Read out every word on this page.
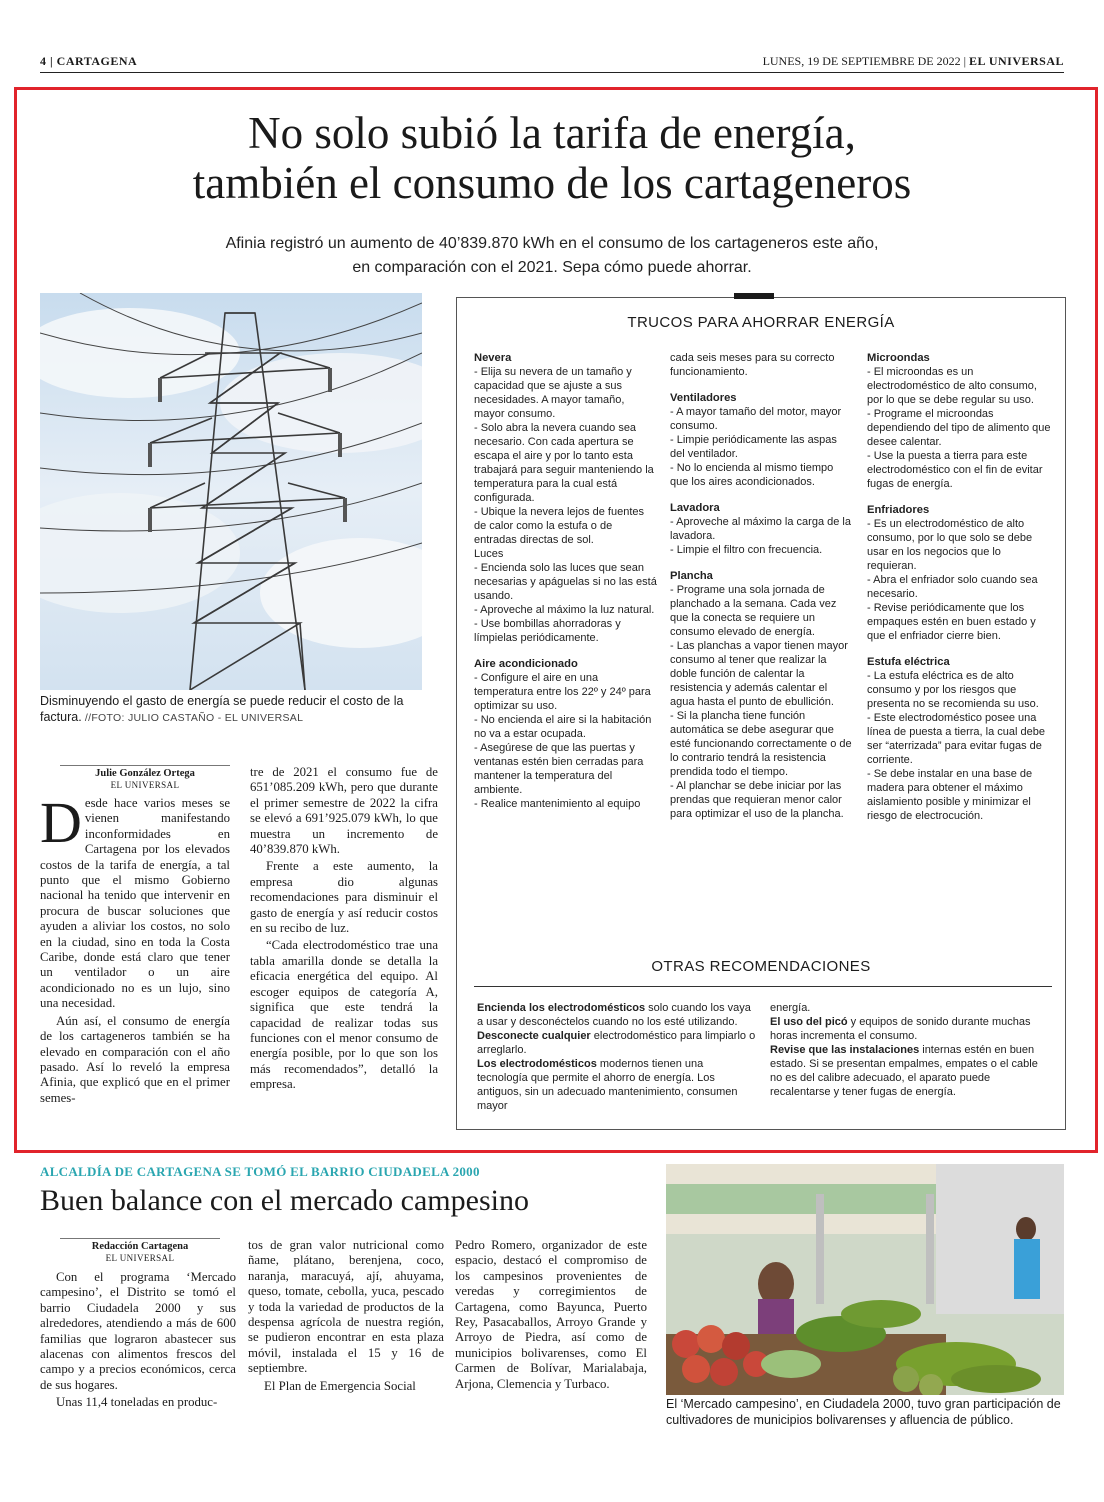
4 | CARTAGENA	LUNES, 19 DE SEPTIEMBRE DE 2022 | EL UNIVERSAL
No solo subió la tarifa de energía,
también el consumo de los cartageneros
Afinia registró un aumento de 40’839.870 kWh en el consumo de los cartageneros este año,
en comparación con el 2021. Sepa cómo puede ahorrar.
Disminuyendo el gasto de energía se puede reducir el costo de la factura. //FOTO: JULIO CASTAÑO - EL UNIVERSAL
Julie González Ortega
EL UNIVERSAL

Desde hace varios meses se vienen manifestando inconformidades en Cartagena por los elevados costos de la tarifa de energía, a tal punto que el mismo Gobierno nacional ha tenido que intervenir en procura de buscar soluciones que ayuden a aliviar los costos, no solo en la ciudad, sino en toda la Costa Caribe, donde está claro que tener un ventilador o un aire acondicionado no es un lujo, sino una necesidad.

Aún así, el consumo de energía de los cartageneros también se ha elevado en comparación con el año pasado. Así lo reveló la empresa Afinia, que explicó que en el primer semes-

tre de 2021 el consumo fue de 651’085.209 kWh, pero que durante el primer semestre de 2022 la cifra se elevó a 691’925.079 kWh, lo que muestra un incremento de 40’839.870 kWh.

Frente a este aumento, la empresa dio algunas recomendaciones para disminuir el gasto de energía y así reducir costos en su recibo de luz.

“Cada electrodoméstico trae una tabla amarilla donde se detalla la eficacia energética del equipo. Al escoger equipos de categoría A, significa que este tendrá la capacidad de realizar todas sus funciones con el menor consumo de energía posible, por lo que son los más recomendados”, detalló la empresa.

TRUCOS PARA AHORRAR ENERGÍA
Nevera
- Elija su nevera de un tamaño y capacidad que se ajuste a sus necesidades. A mayor tamaño, mayor consumo.
- Solo abra la nevera cuando sea necesario. Con cada apertura se escapa el aire y por lo tanto esta trabajará para seguir manteniendo la temperatura para la cual está configurada.
- Ubique la nevera lejos de fuentes de calor como la estufa o de entradas directas de sol.
Luces
- Encienda solo las luces que sean necesarias y apáguelas si no las está usando.
- Aproveche al máximo la luz natural.
- Use bombillas ahorradoras y límpielas periódicamente.
Aire acondicionado
- Configure el aire en una temperatura entre los 22º y 24º para optimizar su uso.
- No encienda el aire si la habitación no va a estar ocupada.
- Asegúrese de que las puertas y ventanas estén bien cerradas para mantener la temperatura del ambiente.
- Realice mantenimiento al equipo
cada seis meses para su correcto funcionamiento.
Ventiladores
- A mayor tamaño del motor, mayor consumo.
- Limpie periódicamente las aspas del ventilador.
- No lo encienda al mismo tiempo que los aires acondicionados.
Lavadora
- Aproveche al máximo la carga de la lavadora.
- Limpie el filtro con frecuencia.
Plancha
- Programe una sola jornada de planchado a la semana. Cada vez que la conecta se requiere un consumo elevado de energía.
- Las planchas a vapor tienen mayor consumo al tener que realizar la doble función de calentar la resistencia y además calentar el agua hasta el punto de ebullición.
- Si la plancha tiene función automática se debe asegurar que esté funcionando correctamente o de lo contrario tendrá la resistencia prendida todo el tiempo.
- Al planchar se debe iniciar por las prendas que requieran menor calor para optimizar el uso de la plancha.
Microondas
- El microondas es un electrodoméstico de alto consumo, por lo que se debe regular su uso.
- Programe el microondas dependiendo del tipo de alimento que desee calentar.
- Use la puesta a tierra para este electrodoméstico con el fin de evitar fugas de energía.
Enfriadores
- Es un electrodoméstico de alto consumo, por lo que solo se debe usar en los negocios que lo requieran.
- Abra el enfriador solo cuando sea necesario.
- Revise periódicamente que los empaques estén en buen estado y que el enfriador cierre bien.
Estufa eléctrica
- La estufa eléctrica es de alto consumo y por los riesgos que presenta no se recomienda su uso.
- Este electrodoméstico posee una línea de puesta a tierra, la cual debe ser “aterrizada” para evitar fugas de corriente.
- Se debe instalar en una base de madera para obtener el máximo aislamiento posible y minimizar el riesgo de electrocución.
OTRAS RECOMENDACIONES
Encienda los electrodomésticos solo cuando los vaya a usar y desconéctelos cuando no los esté utilizando.
Desconecte cualquier electrodoméstico para limpiarlo o arreglarlo.
Los electrodomésticos modernos tienen una tecnología que permite el ahorro de energía. Los antiguos, sin un adecuado mantenimiento, consumen mayor
energía.
El uso del picó y equipos de sonido durante muchas horas incrementa el consumo.
Revise que las instalaciones internas estén en buen estado. Si se presentan empalmes, empates o el cable no es del calibre adecuado, el aparato puede recalentarse y tener fugas de energía.
ALCALDÍA DE CARTAGENA SE TOMÓ EL BARRIO CIUDADELA 2000
Buen balance con el mercado campesino
Redacción Cartagena
EL UNIVERSAL

Con el programa ‘Mercado campesino’, el Distrito se tomó el barrio Ciudadela 2000 y sus alrededores, atendiendo a más de 600 familias que lograron abastecer sus alacenas con alimentos frescos del campo y a precios económicos, cerca de sus hogares.

Unas 11,4 toneladas en produc-

tos de gran valor nutricional como ñame, plátano, berenjena, coco, naranja, maracuyá, ají, ahuyama, queso, tomate, cebolla, yuca, pescado y toda la variedad de productos de la despensa agrícola de nuestra región, se pudieron encontrar en esta plaza móvil, instalada el 15 y 16 de septiembre.

El Plan de Emergencia Social

Pedro Romero, organizador de este espacio, destacó el compromiso de los campesinos provenientes de veredas y corregimientos de Cartagena, como Bayunca, Puerto Rey, Pasacaballos, Arroyo Grande y Arroyo de Piedra, así como de municipios bolivarenses, como El Carmen de Bolívar, Marialabaja, Arjona, Clemencia y Turbaco.

El ‘Mercado campesino’, en Ciudadela 2000, tuvo gran participación de cultivadores de municipios bolivarenses y afluencia de público.
